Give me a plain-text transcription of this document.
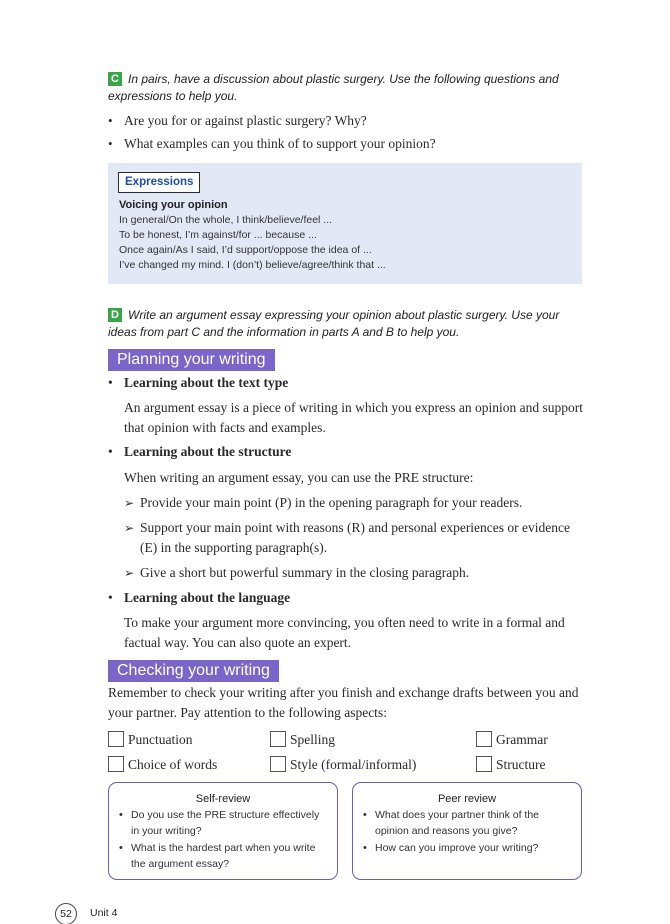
C In pairs, have a discussion about plastic surgery. Use the following questions and expressions to help you.
• Are you for or against plastic surgery? Why?
• What examples can you think of to support your opinion?
Expressions
Voicing your opinion
In general/On the whole, I think/believe/feel ...
To be honest, I’m against/for ... because ...
Once again/As I said, I’d support/oppose the idea of ...
I’ve changed my mind. I (don’t) believe/agree/think that ...
D Write an argument essay expressing your opinion about plastic surgery. Use your ideas from part C and the information in parts A and B to help you.
Planning your writing
• Learning about the text type
An argument essay is a piece of writing in which you express an opinion and support that opinion with facts and examples.
• Learning about the structure
When writing an argument essay, you can use the PRE structure:
➢ Provide your main point (P) in the opening paragraph for your readers.
➢ Support your main point with reasons (R) and personal experiences or evidence (E) in the supporting paragraph(s).
➢ Give a short but powerful summary in the closing paragraph.
• Learning about the language
To make your argument more convincing, you often need to write in a formal and factual way. You can also quote an expert.
Checking your writing
Remember to check your writing after you finish and exchange drafts between you and your partner. Pay attention to the following aspects:
Punctuation	Spelling	Grammar
Choice of words	Style (formal/informal)	Structure
Self-review
• Do you use the PRE structure effectively in your writing?
• What is the hardest part when you write the argument essay?
Peer review
• What does your partner think of the opinion and reasons you give?
• How can you improve your writing?
52	Unit 4
